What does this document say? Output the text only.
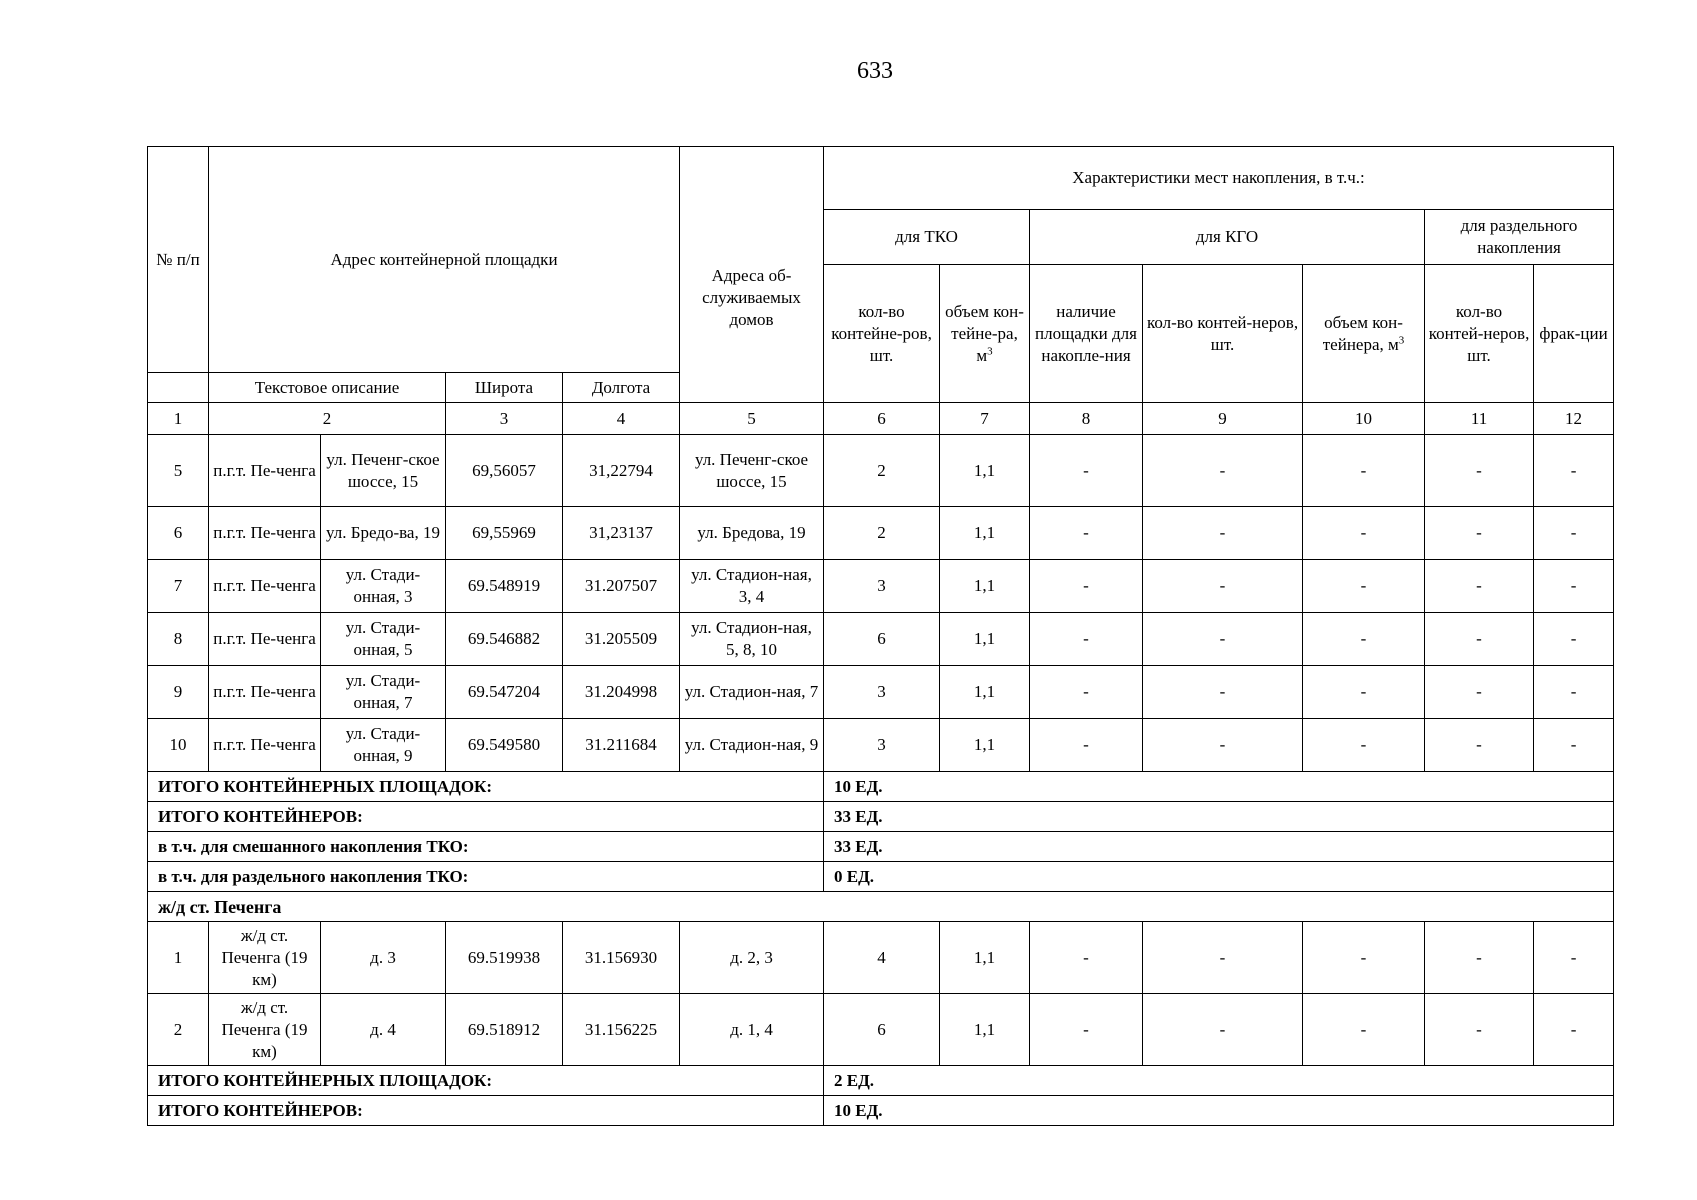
633
№ п/п	Адрес контейнерной площадки				Адреса об-служиваемых домов	Характеристики мест накопления, в т.ч.:						
						для ТКО		для КГО			для раздельного накопления	
						кол-во контейне-ров, шт.	объем кон-тейне-ра, $м^3$	наличие площадки для накопле-ния	кол-во контей-неров, шт.	объем кон-тейнера, $м^3$	кол-во контей-неров, шт.	фрак-ции
	Текстовое описание		Широта	Долгота								
1	2		3	4	5	6	7	8	9	10	11	12
5	п.г.т. Пе-ченга	ул. Печенг-ское шоссе, 15	69,56057	31,22794	ул. Печенг-ское шоссе, 15	2	1,1	-	-	-	-	-
6	п.г.т. Пе-ченга	ул. Бредо-ва, 19	69,55969	31,23137	ул. Бредова, 19	2	1,1	-	-	-	-	-
7	п.г.т. Пе-ченга	ул. Стади-онная, 3	69.548919	31.207507	ул. Стадион-ная, 3, 4	3	1,1	-	-	-	-	-
8	п.г.т. Пе-ченга	ул. Стади-онная, 5	69.546882	31.205509	ул. Стадион-ная, 5, 8, 10	6	1,1	-	-	-	-	-
9	п.г.т. Пе-ченга	ул. Стади-онная, 7	69.547204	31.204998	ул. Стадион-ная, 7	3	1,1	-	-	-	-	-
10	п.г.т. Пе-ченга	ул. Стади-онная, 9	69.549580	31.211684	ул. Стадион-ная, 9	3	1,1	-	-	-	-	-
ИТОГО КОНТЕЙНЕРНЫХ ПЛОЩАДОК:						10 ЕД.						
ИТОГО КОНТЕЙНЕРОВ:						33 ЕД.						
в т.ч. для смешанного накопления ТКО:						33 ЕД.						
в т.ч. для раздельного накопления ТКО:						0 ЕД.						
ж/д ст. Печенга												
1	ж/д ст. Печенга (19 км)	д. 3	69.519938	31.156930	д. 2, 3	4	1,1	-	-	-	-	-
2	ж/д ст. Печенга (19 км)	д. 4	69.518912	31.156225	д. 1, 4	6	1,1	-	-	-	-	-
ИТОГО КОНТЕЙНЕРНЫХ ПЛОЩАДОК:						2 ЕД.						
ИТОГО КОНТЕЙНЕРОВ:						10 ЕД.						
